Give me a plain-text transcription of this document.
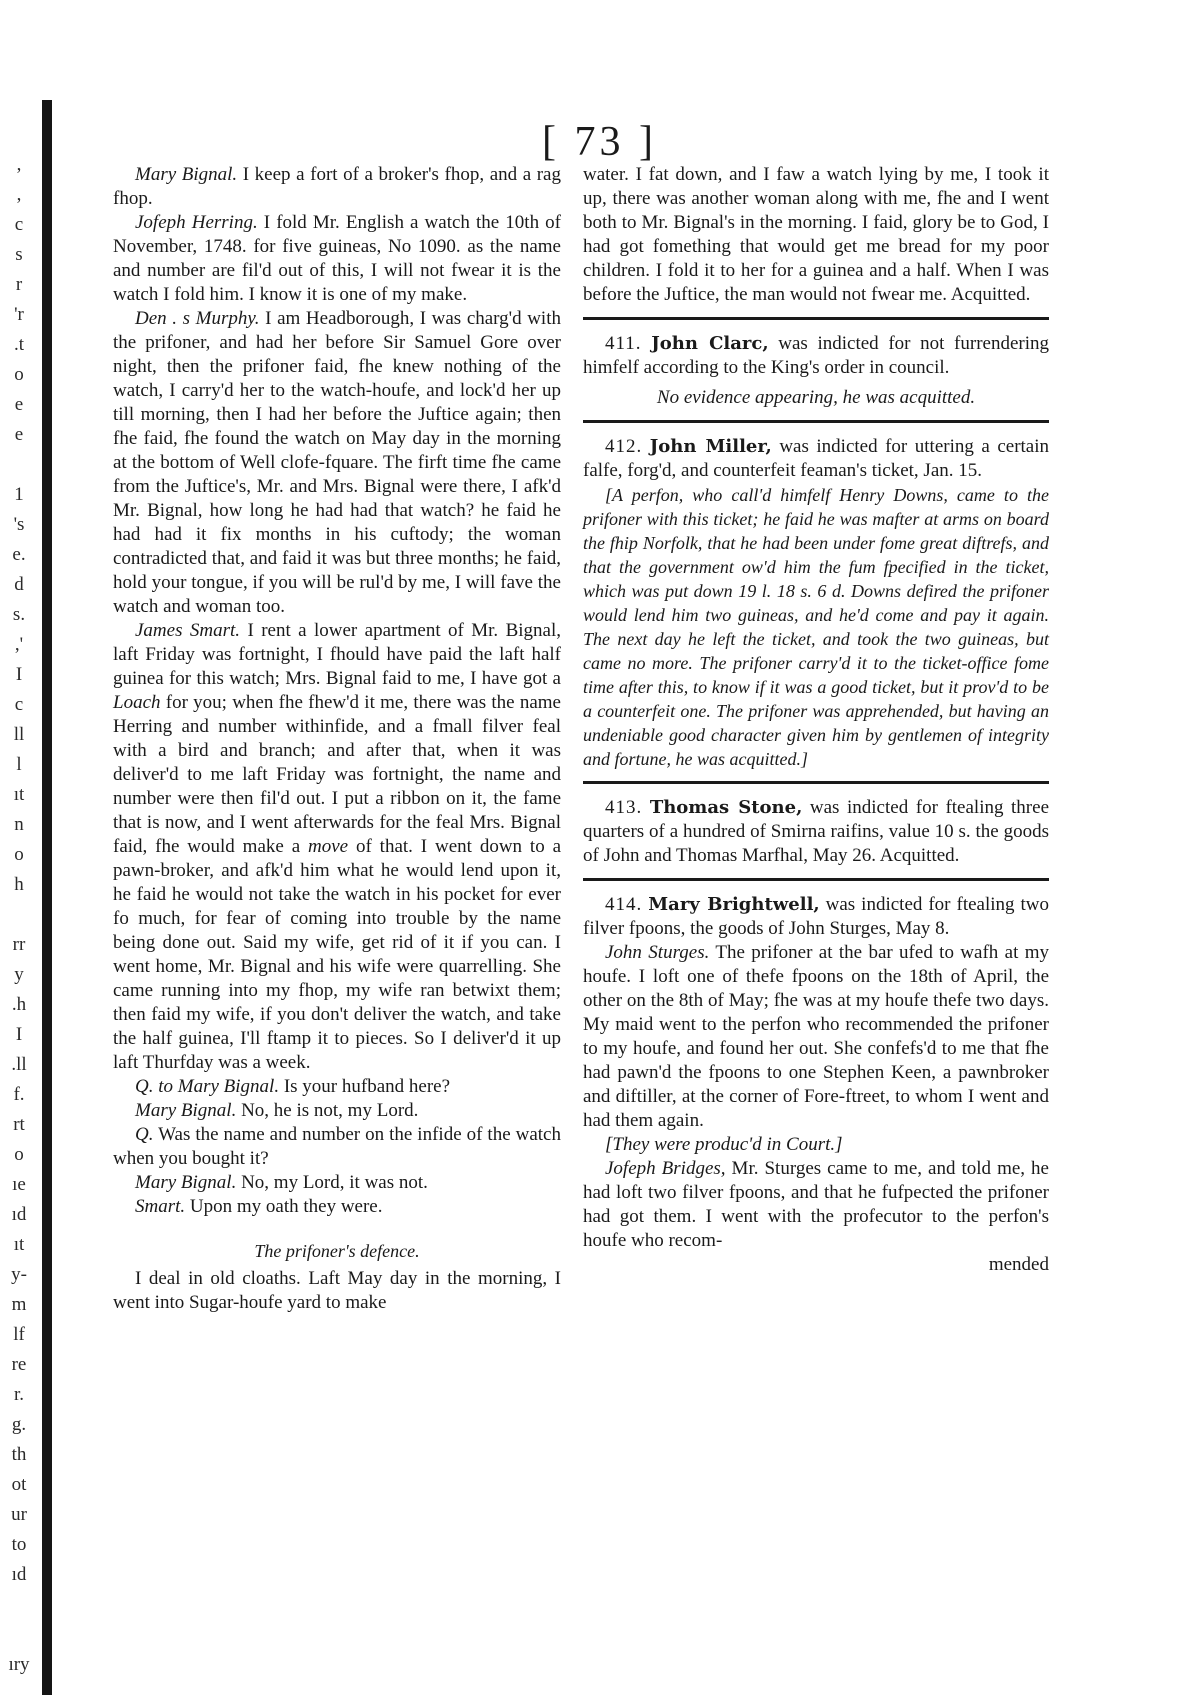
,
,
c
s
r
'r
.t
o
e
e
1
's
e.
d
s.
,'
I
c
ll
l
ıt
n
o
h
rr
y
.h
I
.ll
f.
rt
o
ıe
ıd
ıt
y-
m
lf
re
r.
g.
th
ot
ur
to
ıd
ıry
[ 73 ]

Mary Bignal. I keep a fort of a broker's fhop, and a rag fhop.

Jofeph Herring. I fold Mr. English a watch the 10th of November, 1748. for five guineas, No 1090. as the name and number are fil'd out of this, I will not fwear it is the watch I fold him. I know it is one of my make.

Den . s Murphy. I am Headborough, I was charg'd with the prifoner, and had her before Sir Samuel Gore over night, then the prifoner faid, fhe knew nothing of the watch, I carry'd her to the watch-houfe, and lock'd her up till morning, then I had her before the Juftice again; then fhe faid, fhe found the watch on May day in the morning at the bottom of Well clofe-fquare. The firft time fhe came from the Juftice's, Mr. and Mrs. Bignal were there, I afk'd Mr. Bignal, how long he had had that watch? he faid he had had it fix months in his cuftody; the woman contradicted that, and faid it was but three months; he faid, hold your tongue, if you will be rul'd by me, I will fave the watch and woman too.

James Smart. I rent a lower apartment of Mr. Bignal, laft Friday was fortnight, I fhould have paid the laft half guinea for this watch; Mrs. Bignal faid to me, I have got a Loach for you; when fhe fhew'd it me, there was the name Herring and number withinfide, and a fmall filver feal with a bird and branch; and after that, when it was deliver'd to me laft Friday was fortnight, the name and number were then fil'd out. I put a ribbon on it, the fame that is now, and I went afterwards for the feal Mrs. Bignal faid, fhe would make a move of that. I went down to a pawn-broker, and afk'd him what he would lend upon it, he faid he would not take the watch in his pocket for ever fo much, for fear of coming into trouble by the name being done out. Said my wife, get rid of it if you can. I went home, Mr. Bignal and his wife were quarrelling. She came running into my fhop, my wife ran betwixt them; then faid my wife, if you don't deliver the watch, and take the half guinea, I'll ftamp it to pieces. So I deliver'd it up laft Thurfday was a week.

Q. to Mary Bignal. Is your hufband here?

Mary Bignal. No, he is not, my Lord.

Q. Was the name and number on the infide of the watch when you bought it?

Mary Bignal. No, my Lord, it was not.

Smart. Upon my oath they were.

The prifoner's defence.

I deal in old cloaths. Laft May day in the morning, I went into Sugar-houfe yard to make

water. I fat down, and I faw a watch lying by me, I took it up, there was another woman along with me, fhe and I went both to Mr. Bignal's in the morning. I faid, glory be to God, I had got fomething that would get me bread for my poor children. I fold it to her for a guinea and a half. When I was before the Juftice, the man would not fwear me. Acquitted.

411. John Clarc, was indicted for not furrendering himfelf according to the King's order in council.

No evidence appearing, he was acquitted.

412. John Miller, was indicted for uttering a certain falfe, forg'd, and counterfeit feaman's ticket, Jan. 15.

[A perfon, who call'd himfelf Henry Downs, came to the prifoner with this ticket; he faid he was mafter at arms on board the fhip Norfolk, that he had been under fome great diftrefs, and that the government ow'd him the fum fpecified in the ticket, which was put down 19 l. 18 s. 6 d. Downs defired the prifoner would lend him two guineas, and he'd come and pay it again. The next day he left the ticket, and took the two guineas, but came no more. The prifoner carry'd it to the ticket-office fome time after this, to know if it was a good ticket, but it prov'd to be a counterfeit one. The prifoner was apprehended, but having an undeniable good character given him by gentlemen of integrity and fortune, he was acquitted.]

413. Thomas Stone, was indicted for ftealing three quarters of a hundred of Smirna raifins, value 10 s. the goods of John and Thomas Marfhal, May 26. Acquitted.

414. Mary Brightwell, was indicted for ftealing two filver fpoons, the goods of John Sturges, May 8.

John Sturges. The prifoner at the bar ufed to wafh at my houfe. I loft one of thefe fpoons on the 18th of April, the other on the 8th of May; fhe was at my houfe thefe two days. My maid went to the perfon who recommended the prifoner to my houfe, and found her out. She confefs'd to me that fhe had pawn'd the fpoons to one Stephen Keen, a pawnbroker and diftiller, at the corner of Fore-ftreet, to whom I went and had them again.

[They were produc'd in Court.]

Jofeph Bridges, Mr. Sturges came to me, and told me, he had loft two filver fpoons, and that he fufpected the prifoner had got them. I went with the profecutor to the perfon's houfe who recom-

mended
